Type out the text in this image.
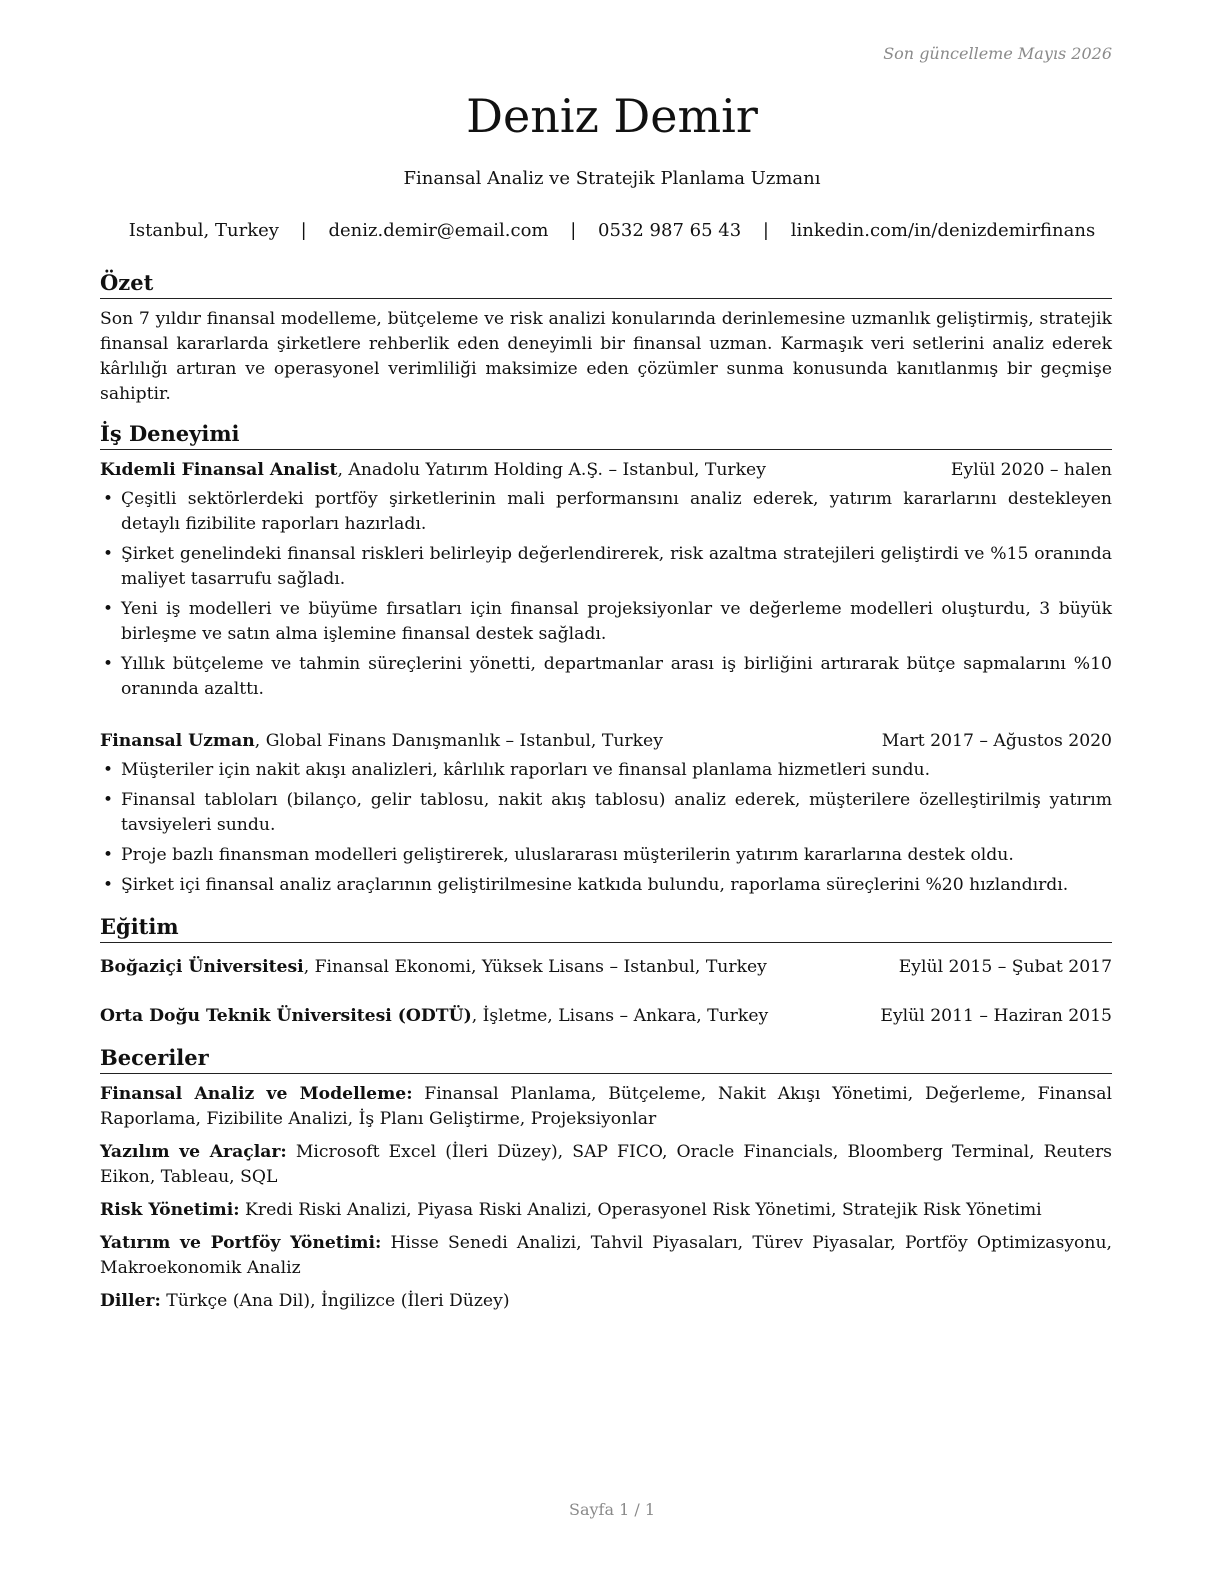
Son güncelleme Mayıs 2026
Deniz Demir
Finansal Analiz ve Stratejik Planlama Uzmanı
Istanbul, Turkey | deniz.demir@email.com | 0532 987 65 43 | linkedin.com/in/denizdemirfinans
Özet

Son 7 yıldır finansal modelleme, bütçeleme ve risk analizi konularında derinlemesine uzmanlık geliştirmiş, stratejik finansal kararlarda şirketlere rehberlik eden deneyimli bir finansal uzman. Karmaşık veri setlerini analiz ederek kârlılığı artıran ve operasyonel verimliliği maksimize eden çözümler sunma konusunda kanıtlanmış bir geçmişe sahiptir.

İş Deneyimi
Kıdemli Finansal Analist, Anadolu Yatırım Holding A.Ş. – Istanbul, Turkey	Eylül 2020 – halen
• Çeşitli sektörlerdeki portföy şirketlerinin mali performansını analiz ederek, yatırım kararlarını destekleyen detaylı fizibilite raporları hazırladı.
• Şirket genelindeki finansal riskleri belirleyip değerlendirerek, risk azaltma stratejileri geliştirdi ve %15 oranında maliyet tasarrufu sağladı.
• Yeni iş modelleri ve büyüme fırsatları için finansal projeksiyonlar ve değerleme modelleri oluşturdu, 3 büyük birleşme ve satın alma işlemine finansal destek sağladı.
• Yıllık bütçeleme ve tahmin süreçlerini yönetti, departmanlar arası iş birliğini artırarak bütçe sapmalarını %10 oranında azalttı.
Finansal Uzman, Global Finans Danışmanlık – Istanbul, Turkey	Mart 2017 – Ağustos 2020
• Müşteriler için nakit akışı analizleri, kârlılık raporları ve finansal planlama hizmetleri sundu.
• Finansal tabloları (bilanço, gelir tablosu, nakit akış tablosu) analiz ederek, müşterilere özelleştirilmiş yatırım tavsiyeleri sundu.
• Proje bazlı finansman modelleri geliştirerek, uluslararası müşterilerin yatırım kararlarına destek oldu.
• Şirket içi finansal analiz araçlarının geliştirilmesine katkıda bulundu, raporlama süreçlerini %20 hızlandırdı.
Eğitim
Boğaziçi Üniversitesi, Finansal Ekonomi, Yüksek Lisans – Istanbul, Turkey	Eylül 2015 – Şubat 2017
Orta Doğu Teknik Üniversitesi (ODTÜ), İşletme, Lisans – Ankara, Turkey	Eylül 2011 – Haziran 2015
Beceriler

Finansal Analiz ve Modelleme: Finansal Planlama, Bütçeleme, Nakit Akışı Yönetimi, Değerleme, Finansal Raporlama, Fizibilite Analizi, İş Planı Geliştirme, Projeksiyonlar

Yazılım ve Araçlar: Microsoft Excel (İleri Düzey), SAP FICO, Oracle Financials, Bloomberg Terminal, Reuters Eikon, Tableau, SQL

Risk Yönetimi: Kredi Riski Analizi, Piyasa Riski Analizi, Operasyonel Risk Yönetimi, Stratejik Risk Yönetimi

Yatırım ve Portföy Yönetimi: Hisse Senedi Analizi, Tahvil Piyasaları, Türev Piyasalar, Portföy Optimizasyonu, Makroekonomik Analiz

Diller: Türkçe (Ana Dil), İngilizce (İleri Düzey)

Sayfa 1 / 1
